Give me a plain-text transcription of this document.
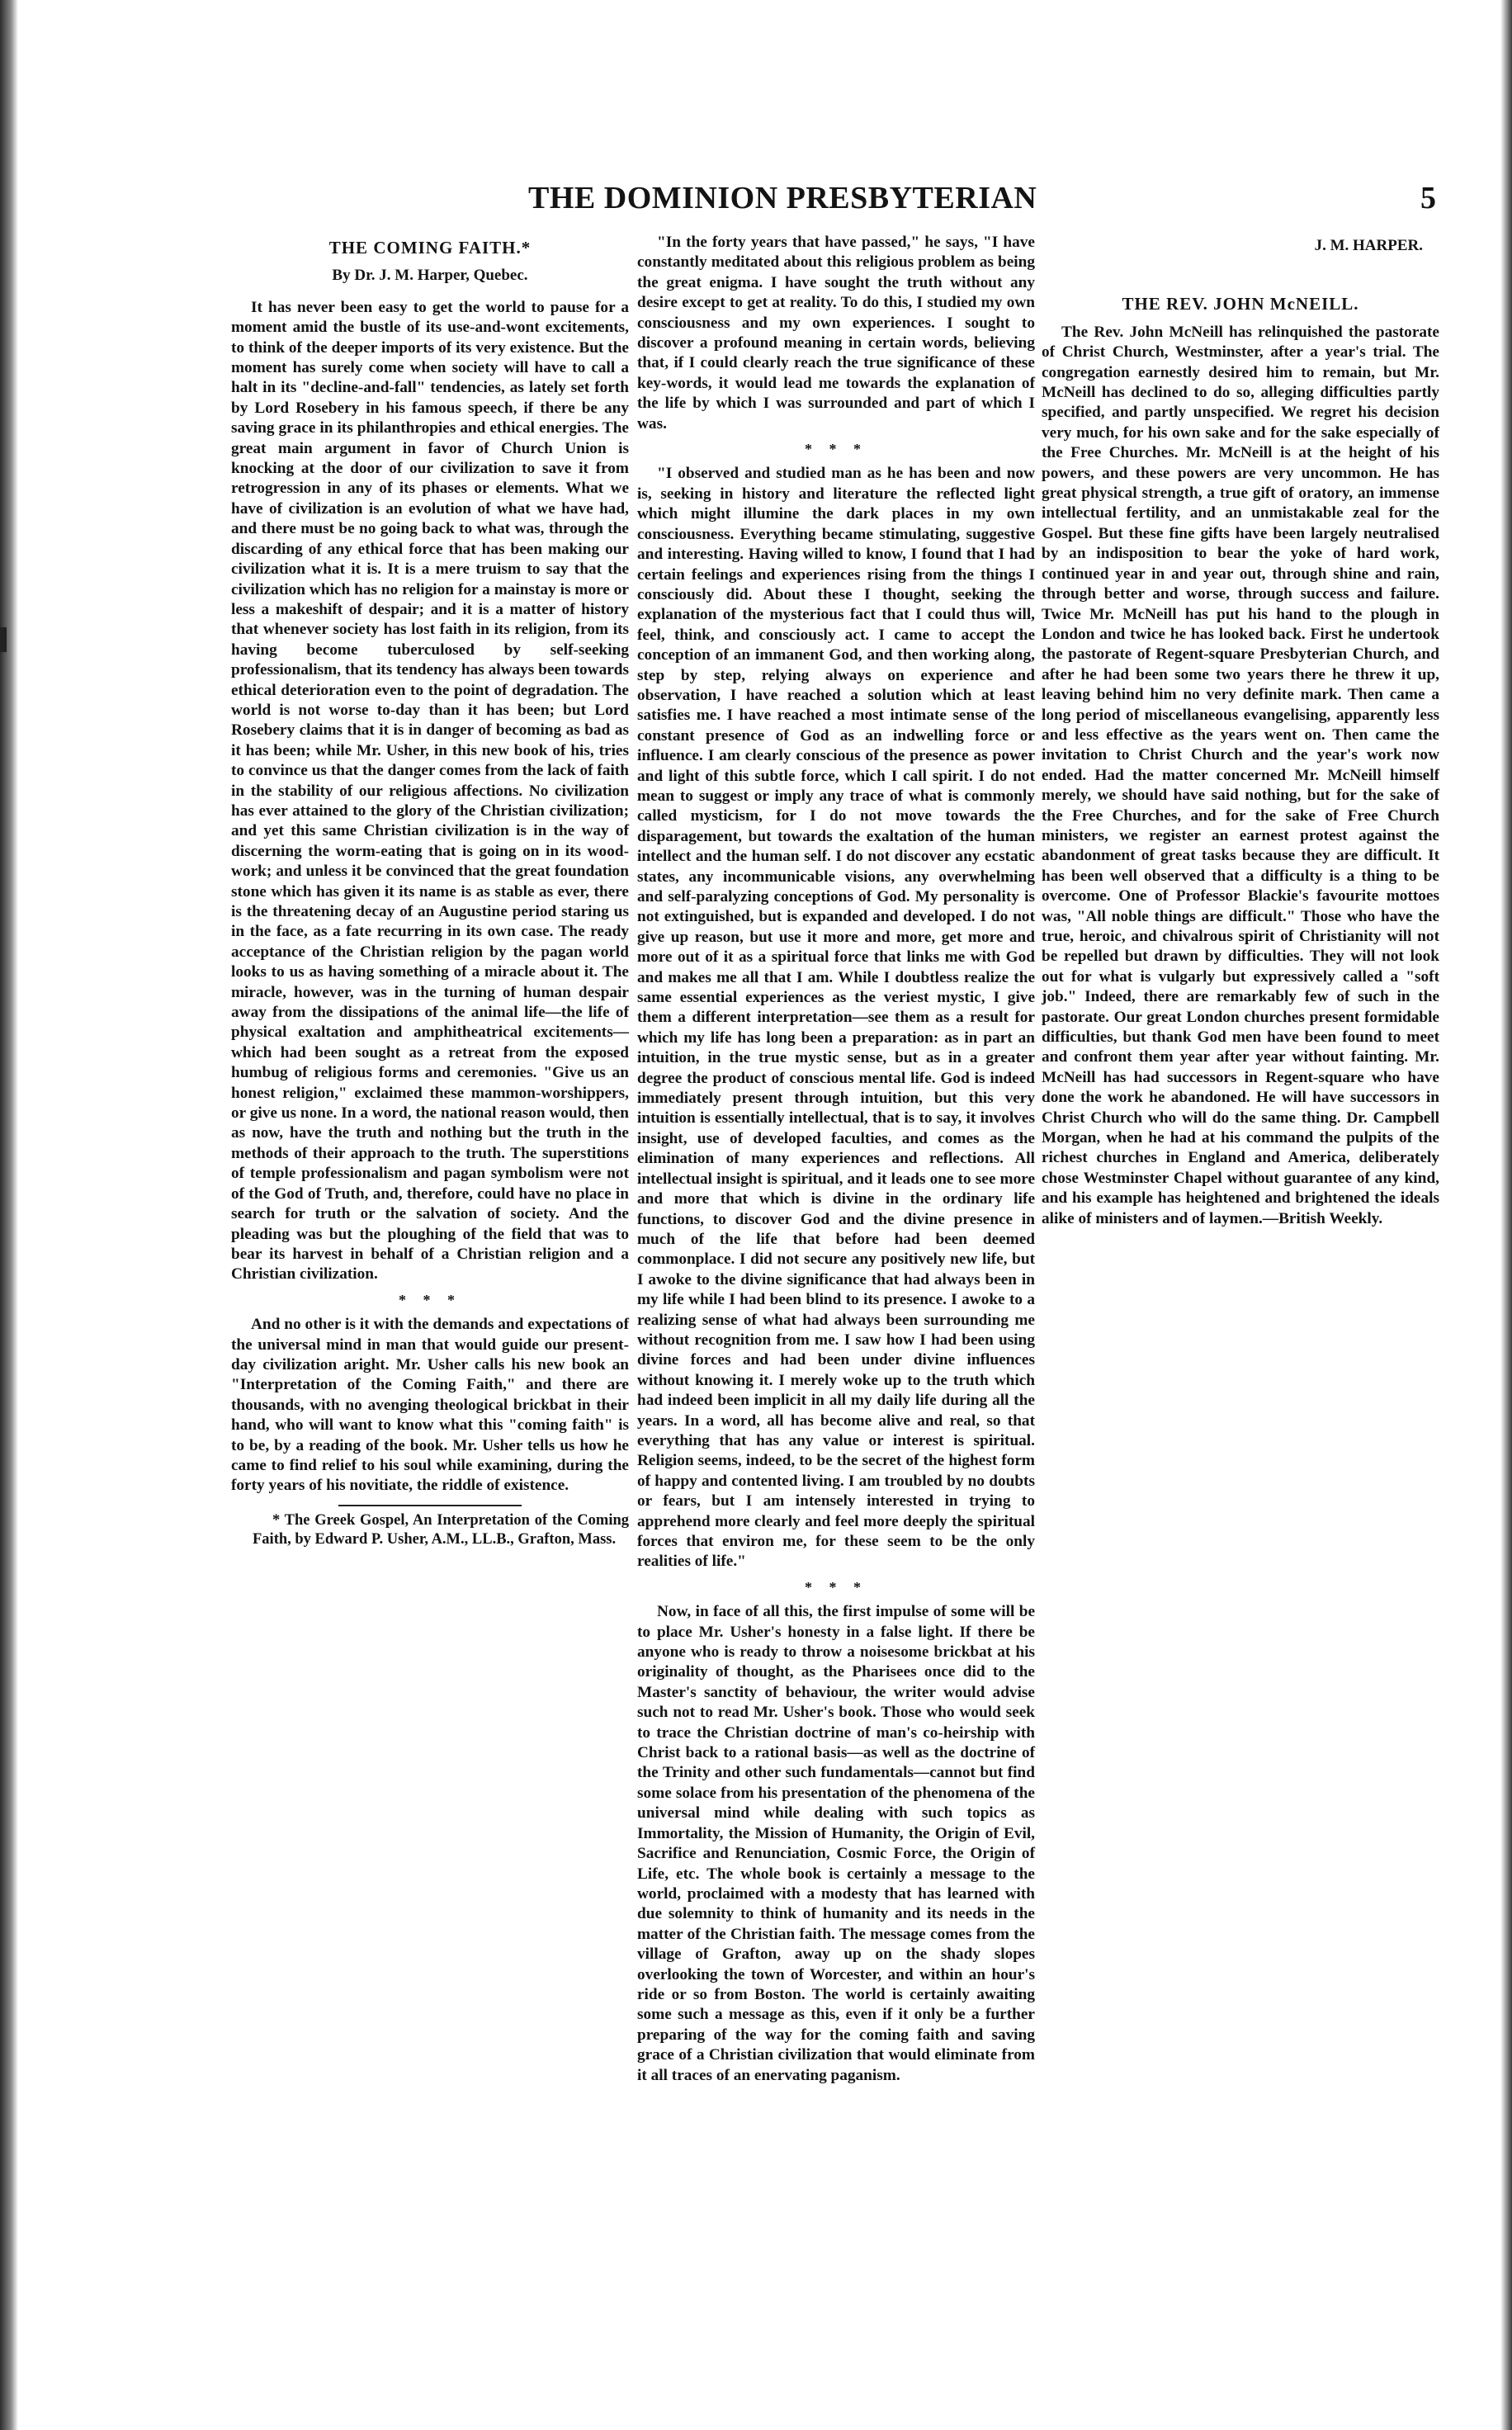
THE DOMINION PRESBYTERIAN	5
THE COMING FAITH.*
By Dr. J. M. Harper, Quebec.

It has never been easy to get the world to pause for a moment amid the bustle of its use-and-wont excitements, to think of the deeper imports of its very existence. But the moment has surely come when society will have to call a halt in its "decline-and-fall" tendencies, as lately set forth by Lord Rosebery in his famous speech, if there be any saving grace in its philanthropies and ethical energies. The great main argument in favor of Church Union is knocking at the door of our civilization to save it from retrogression in any of its phases or elements. What we have of civilization is an evolution of what we have had, and there must be no going back to what was, through the discarding of any ethical force that has been making our civilization what it is. It is a mere truism to say that the civilization which has no religion for a mainstay is more or less a makeshift of despair; and it is a matter of history that whenever society has lost faith in its religion, from its having become tuberculosed by self-seeking professionalism, that its tendency has always been towards ethical deterioration even to the point of degradation. The world is not worse to-day than it has been; but Lord Rosebery claims that it is in danger of becoming as bad as it has been; while Mr. Usher, in this new book of his, tries to convince us that the danger comes from the lack of faith in the stability of our religious affections. No civilization has ever attained to the glory of the Christian civilization; and yet this same Christian civilization is in the way of discerning the worm-eating that is going on in its wood-work; and unless it be convinced that the great foundation stone which has given it its name is as stable as ever, there is the threatening decay of an Augustine period staring us in the face, as a fate recurring in its own case. The ready acceptance of the Christian religion by the pagan world looks to us as having something of a miracle about it. The miracle, however, was in the turning of human despair away from the dissipations of the animal life—the life of physical exaltation and amphitheatrical excitements—which had been sought as a retreat from the exposed humbug of religious forms and ceremonies. "Give us an honest religion," exclaimed these mammon-worshippers, or give us none. In a word, the national reason would, then as now, have the truth and nothing but the truth in the methods of their approach to the truth. The superstitions of temple professionalism and pagan symbolism were not of the God of Truth, and, therefore, could have no place in search for truth or the salvation of society. And the pleading was but the ploughing of the field that was to bear its harvest in behalf of a Christian religion and a Christian civilization.

* * *

And no other is it with the demands and expectations of the universal mind in man that would guide our present-day civilization aright. Mr. Usher calls his new book an "Interpretation of the Coming Faith," and there are thousands, with no avenging theological brickbat in their hand, who will want to know what this "coming faith" is to be, by a reading of the book. Mr. Usher tells us how he came to find relief to his soul while examining, during the forty years of his novitiate, the riddle of existence.

* The Greek Gospel, An Interpretation of the Coming Faith, by Edward P. Usher, A.M., LL.B., Grafton, Mass.

"In the forty years that have passed," he says, "I have constantly meditated about this religious problem as being the great enigma. I have sought the truth without any desire except to get at reality. To do this, I studied my own consciousness and my own experiences. I sought to discover a profound meaning in certain words, believing that, if I could clearly reach the true significance of these key-words, it would lead me towards the explanation of the life by which I was surrounded and part of which I was.

* * *

"I observed and studied man as he has been and now is, seeking in history and literature the reflected light which might illumine the dark places in my own consciousness. Everything became stimulating, suggestive and interesting. Having willed to know, I found that I had certain feelings and experiences rising from the things I consciously did. About these I thought, seeking the explanation of the mysterious fact that I could thus will, feel, think, and consciously act. I came to accept the conception of an immanent God, and then working along, step by step, relying always on experience and observation, I have reached a solution which at least satisfies me. I have reached a most intimate sense of the constant presence of God as an indwelling force or influence. I am clearly conscious of the presence as power and light of this subtle force, which I call spirit. I do not mean to suggest or imply any trace of what is commonly called mysticism, for I do not move towards the disparagement, but towards the exaltation of the human intellect and the human self. I do not discover any ecstatic states, any incommunicable visions, any overwhelming and self-paralyzing conceptions of God. My personality is not extinguished, but is expanded and developed. I do not give up reason, but use it more and more, get more and more out of it as a spiritual force that links me with God and makes me all that I am. While I doubtless realize the same essential experiences as the veriest mystic, I give them a different interpretation—see them as a result for which my life has long been a preparation: as in part an intuition, in the true mystic sense, but as in a greater degree the product of conscious mental life. God is indeed immediately present through intuition, but this very intuition is essentially intellectual, that is to say, it involves insight, use of developed faculties, and comes as the elimination of many experiences and reflections. All intellectual insight is spiritual, and it leads one to see more and more that which is divine in the ordinary life functions, to discover God and the divine presence in much of the life that before had been deemed commonplace. I did not secure any positively new life, but I awoke to the divine significance that had always been in my life while I had been blind to its presence. I awoke to a realizing sense of what had always been surrounding me without recognition from me. I saw how I had been using divine forces and had been under divine influences without knowing it. I merely woke up to the truth which had indeed been implicit in all my daily life during all the years. In a word, all has become alive and real, so that everything that has any value or interest is spiritual. Religion seems, indeed, to be the secret of the highest form of happy and contented living. I am troubled by no doubts or fears, but I am intensely interested in trying to apprehend more clearly and feel more deeply the spiritual forces that environ me, for these seem to be the only realities of life."

* * *

Now, in face of all this, the first impulse of some will be to place Mr. Usher's honesty in a false light. If there be anyone who is ready to throw a noisesome brickbat at his originality of thought, as the Pharisees once did to the Master's sanctity of behaviour, the writer would advise such not to read Mr. Usher's book. Those who would seek to trace the Christian doctrine of man's co-heirship with Christ back to a rational basis—as well as the doctrine of the Trinity and other such fundamentals—cannot but find some solace from his presentation of the phenomena of the universal mind while dealing with such topics as Immortality, the Mission of Humanity, the Origin of Evil, Sacrifice and Renunciation, Cosmic Force, the Origin of Life, etc. The whole book is certainly a message to the world, proclaimed with a modesty that has learned with due solemnity to think of humanity and its needs in the matter of the Christian faith. The message comes from the village of Grafton, away up on the shady slopes overlooking the town of Worcester, and within an hour's ride or so from Boston. The world is certainly awaiting some such a message as this, even if it only be a further preparing of the way for the coming faith and saving grace of a Christian civilization that would eliminate from it all traces of an enervating paganism.

J. M. HARPER.
THE REV. JOHN McNEILL.

The Rev. John McNeill has relinquished the pastorate of Christ Church, Westminster, after a year's trial. The congregation earnestly desired him to remain, but Mr. McNeill has declined to do so, alleging difficulties partly specified, and partly unspecified. We regret his decision very much, for his own sake and for the sake especially of the Free Churches. Mr. McNeill is at the height of his powers, and these powers are very uncommon. He has great physical strength, a true gift of oratory, an immense intellectual fertility, and an unmistakable zeal for the Gospel. But these fine gifts have been largely neutralised by an indisposition to bear the yoke of hard work, continued year in and year out, through shine and rain, through better and worse, through success and failure. Twice Mr. McNeill has put his hand to the plough in London and twice he has looked back. First he undertook the pastorate of Regent-square Presbyterian Church, and after he had been some two years there he threw it up, leaving behind him no very definite mark. Then came a long period of miscellaneous evangelising, apparently less and less effective as the years went on. Then came the invitation to Christ Church and the year's work now ended. Had the matter concerned Mr. McNeill himself merely, we should have said nothing, but for the sake of the Free Churches, and for the sake of Free Church ministers, we register an earnest protest against the abandonment of great tasks because they are difficult. It has been well observed that a difficulty is a thing to be overcome. One of Professor Blackie's favourite mottoes was, "All noble things are difficult." Those who have the true, heroic, and chivalrous spirit of Christianity will not be repelled but drawn by difficulties. They will not look out for what is vulgarly but expressively called a "soft job." Indeed, there are remarkably few of such in the pastorate. Our great London churches present formidable difficulties, but thank God men have been found to meet and confront them year after year without fainting. Mr. McNeill has had successors in Regent-square who have done the work he abandoned. He will have successors in Christ Church who will do the same thing. Dr. Campbell Morgan, when he had at his command the pulpits of the richest churches in England and America, deliberately chose Westminster Chapel without guarantee of any kind, and his example has heightened and brightened the ideals alike of ministers and of laymen.—British Weekly.
